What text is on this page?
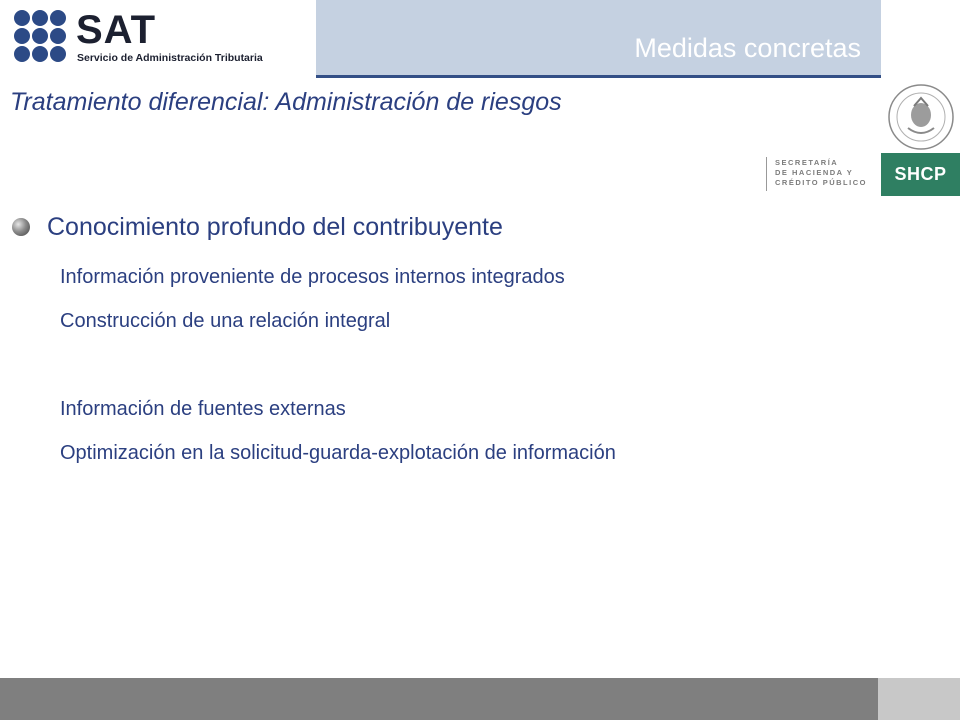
SAT
Servicio de Administración Tributaria	Medidas concretas
SECRETARÍA
DE HACIENDA Y
CRÉDITO PÚBLICO	SHCP
Tratamiento diferencial: Administración de riesgos
Conocimiento profundo del contribuyente
Información proveniente de procesos internos integrados
Construcción de una relación integral
Información de fuentes externas
Optimización en la solicitud-guarda-explotación de información
